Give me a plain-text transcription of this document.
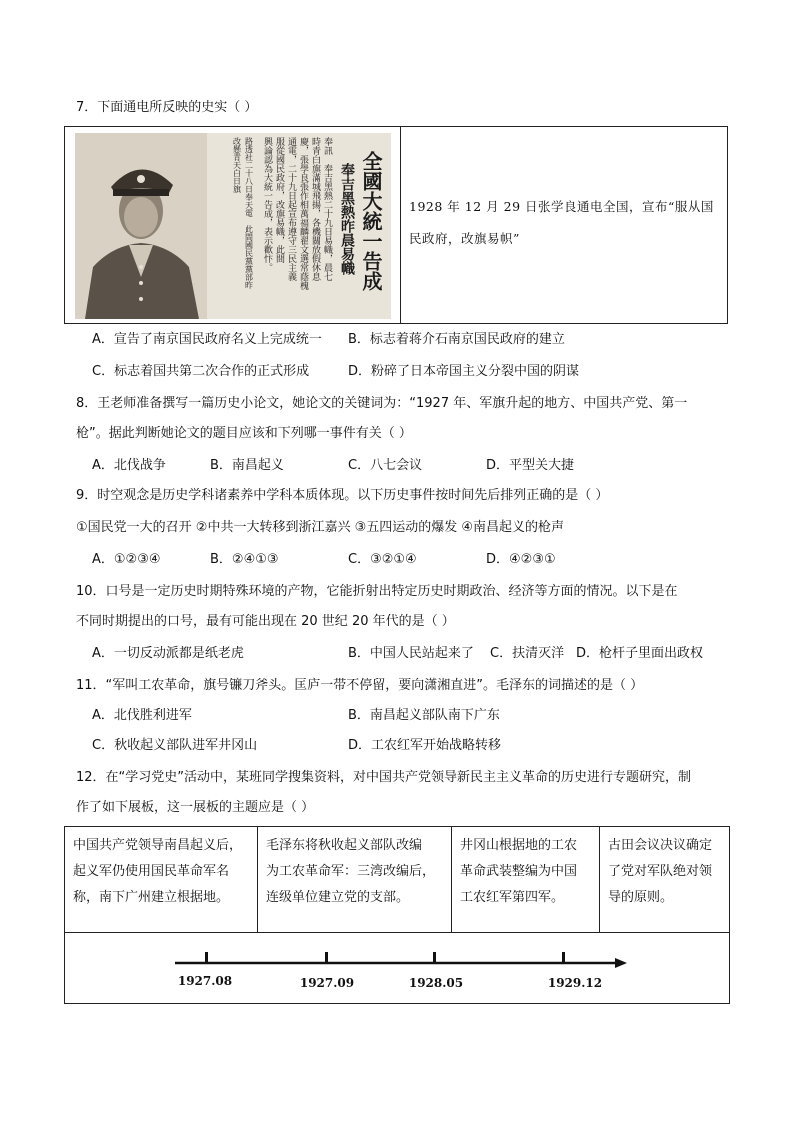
7．下面通电所反映的史实（ ）
全國大統一告成
奉吉黑熱昨晨易幟
奉訊　奉吉黑熱二十九日易幟，晨七
時青白旗滿城飛揚，各機關放假休息
慶，張學良張作相萬福麟翟文選常蔭槐
通電，二十九日起宣布遵守三民主義
服從國民政府，改旗易幟，此間
興論認為大統一告成，表示歡忭。
路透社二十八日奉天電　此間國民黨黨部昨
改懸青天白日旗
1928 年 12 月 29 日张学良通电全国，宣布“服从国民政府，改旗易帜”
A．宣告了南京国民政府名义上完成统一 B．标志着蒋介石南京国民政府的建立
C．标志着国共第二次合作的正式形成	D．粉碎了日本帝国主义分裂中国的阴谋
8．王老师准备撰写一篇历史小论文，她论文的关键词为：“1927 年、军旗升起的地方、中国共产党、第一
枪”。据此判断她论文的题目应该和下列哪一事件有关（ ）
A．北伐战争	B．南昌起义	C．八七会议	D．平型关大捷
9．时空观念是历史学科诸素养中学科本质体现。以下历史事件按时间先后排列正确的是（ ）
①国民党一大的召开 ②中共一大转移到浙江嘉兴 ③五四运动的爆发 ④南昌起义的枪声
A．①②③④	B．②④①③	C．③②①④	D．④②③①
10．口号是一定历史时期特殊环境的产物，它能折射出特定历史时期政治、经济等方面的情况。以下是在
不同时期提出的口号，最有可能出现在 20 世纪 20 年代的是（ ）
A．一切反动派都是纸老虎	B．中国人民站起来了 C．扶清灭洋 D．枪杆子里面出政权
11．“军叫工农革命，旗号镰刀斧头。匡庐一带不停留，要向潇湘直进”。毛泽东的词描述的是（ ）
A．北伐胜利进军	B．南昌起义部队南下广东
C．秋收起义部队进军井冈山	D．工农红军开始战略转移
12．在“学习党史”活动中，某班同学搜集资料，对中国共产党领导新民主主义革命的历史进行专题研究，制
作了如下展板，这一展板的主题应是（ ）
中国共产党领导南昌起义后，
起义军仍使用国民革命军名
称，南下广州建立根据地。
毛泽东将秋收起义部队改编
为工农革命军：三湾改编后，
连级单位建立党的支部。
井冈山根据地的工农
革命武装整编为中国
工农红军第四军。
古田会议决议确定
了党对军队绝对领
导的原则。
1927.08	1927.09	1928.05	1929.12
